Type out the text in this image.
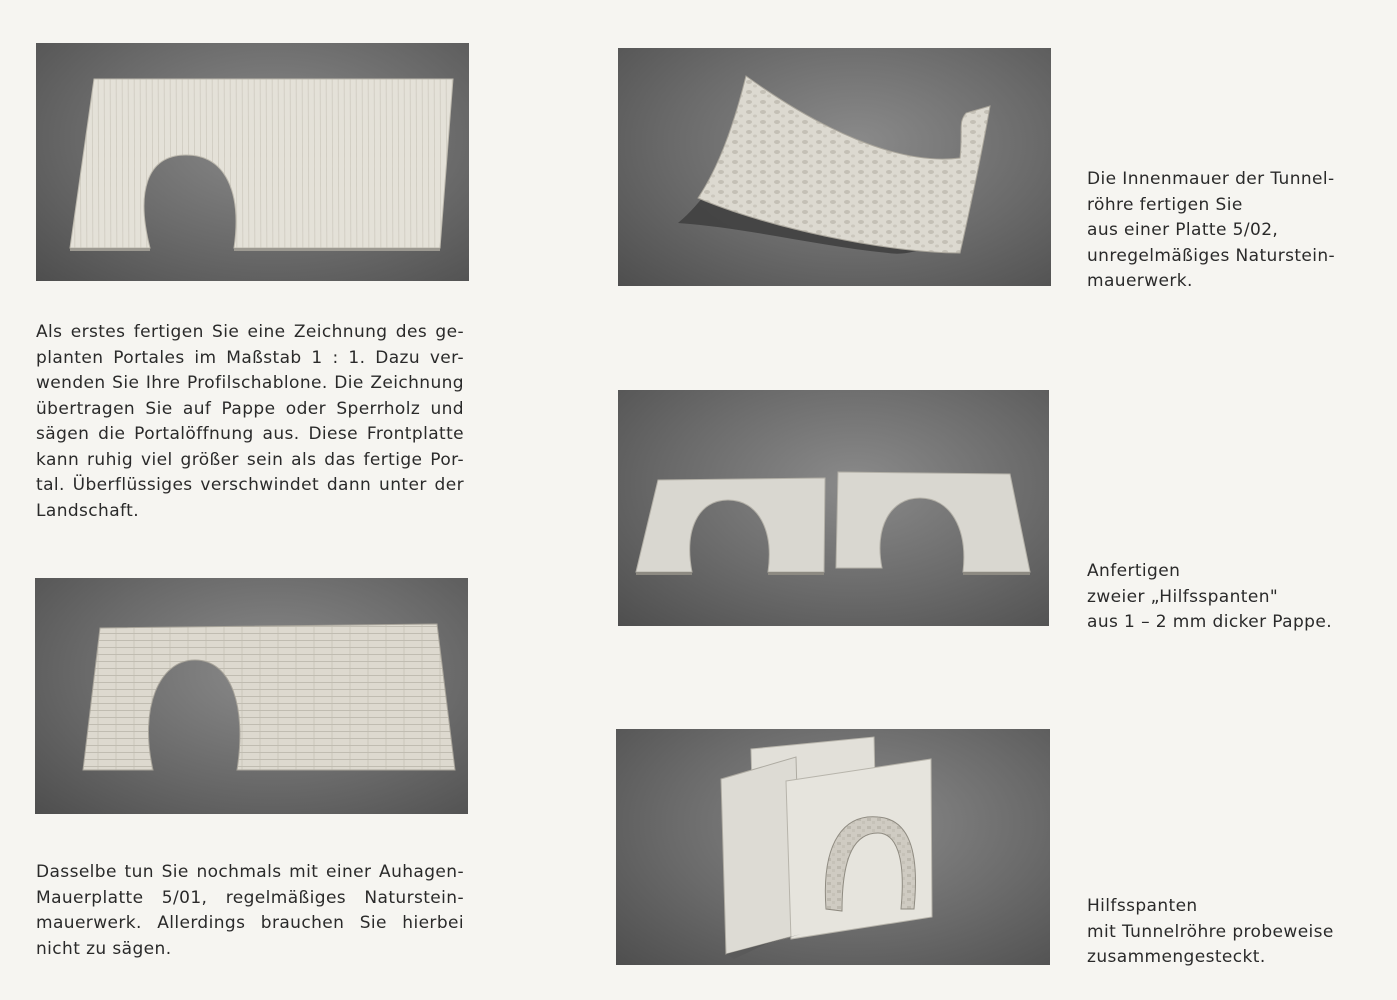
Als erstes fertigen Sie eine Zeichnung des ge-
planten Portales im Maßstab 1 : 1. Dazu ver-
wenden Sie Ihre Profilschablone. Die Zeichnung
übertragen Sie auf Pappe oder Sperrholz und
sägen die Portalöffnung aus. Diese Frontplatte
kann ruhig viel größer sein als das fertige Por-
tal. Überflüssiges verschwindet dann unter der
Landschaft.
Dasselbe tun Sie nochmals mit einer Auhagen-
Mauerplatte 5/01, regelmäßiges Naturstein-
mauerwerk. Allerdings brauchen Sie hierbei
nicht zu sägen.
Die Innenmauer der Tunnel-
röhre fertigen Sie
aus einer Platte 5/02,
unregelmäßiges Naturstein-
mauerwerk.
Anfertigen
zweier „Hilfsspanten"
aus 1 – 2 mm dicker Pappe.
Hilfsspanten
mit Tunnelröhre probeweise
zusammengesteckt.
